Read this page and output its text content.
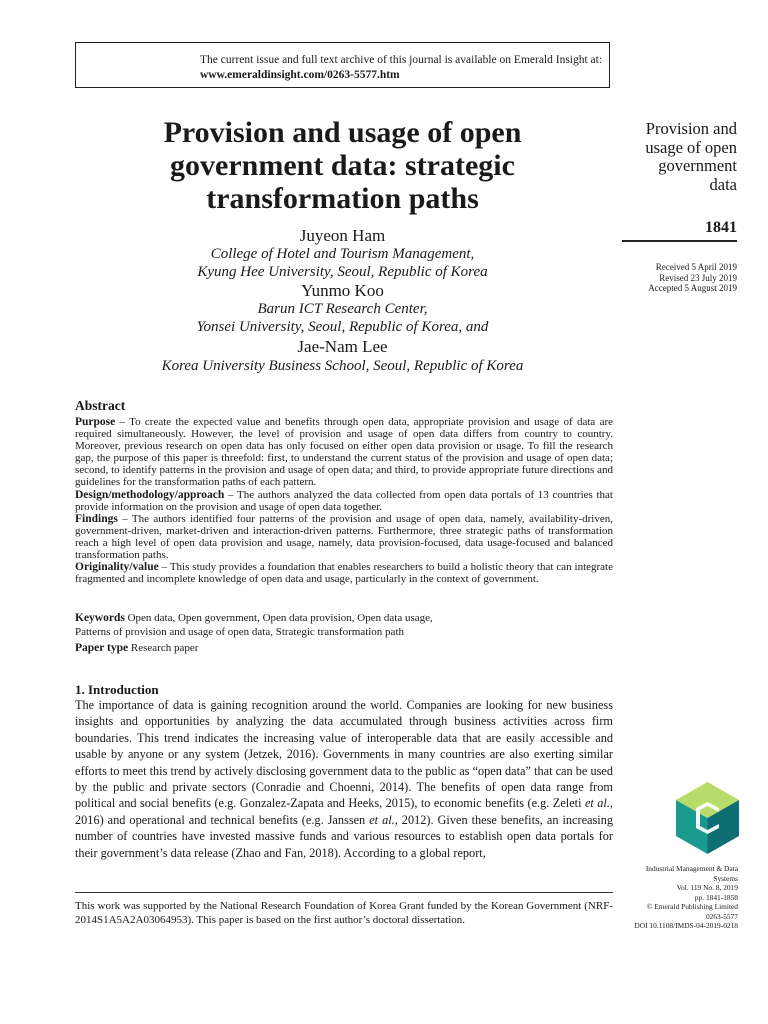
The current issue and full text archive of this journal is available on Emerald Insight at:
www.emeraldinsight.com/0263-5577.htm
Provision and usage of open
government data: strategic
transformation paths
Juyeon Ham
College of Hotel and Tourism Management,
Kyung Hee University, Seoul, Republic of Korea
Yunmo Koo
Barun ICT Research Center,
Yonsei University, Seoul, Republic of Korea, and
Jae-Nam Lee
Korea University Business School, Seoul, Republic of Korea
Provision and
usage of open
government
data
1841
Received 5 April 2019
Revised 23 July 2019
Accepted 5 August 2019
Abstract

Purpose – To create the expected value and benefits through open data, appropriate provision and usage of data are required simultaneously. However, the level of provision and usage of open data differs from country to country. Moreover, previous research on open data has only focused on either open data provision or usage. To fill the research gap, the purpose of this paper is threefold: first, to understand the current status of the provision and usage of open data; second, to identify patterns in the provision and usage of open data; and third, to provide appropriate future directions and guidelines for the transformation paths of each pattern.

Design/methodology/approach – The authors analyzed the data collected from open data portals of 13 countries that provide information on the provision and usage of open data together.

Findings – The authors identified four patterns of the provision and usage of open data, namely, availability-driven, government-driven, market-driven and interaction-driven patterns. Furthermore, three strategic paths of transformation reach a high level of open data provision and usage, namely, data provision-focused, data usage-focused and balanced transformation paths.

Originality/value – This study provides a foundation that enables researchers to build a holistic theory that can integrate fragmented and incomplete knowledge of open data and usage, particularly in the context of government.

Keywords Open data, Open government, Open data provision, Open data usage,
Patterns of provision and usage of open data, Strategic transformation path
Paper type Research paper
1. Introduction
The importance of data is gaining recognition around the world. Companies are looking for new business insights and opportunities by analyzing the data accumulated through business activities across firm boundaries. This trend indicates the increasing value of interoperable data that are easily accessible and usable by anyone or any system (Jetzek, 2016). Governments in many countries are also exerting similar efforts to meet this trend by actively disclosing government data to the public as “open data” that can be used by the public and private sectors (Conradie and Choenni, 2014). The benefits of open data range from political and social benefits (e.g. Gonzalez-Zapata and Heeks, 2015), to economic benefits (e.g. Zeleti et al., 2016) and operational and technical benefits (e.g. Janssen et al., 2012). Given these benefits, an increasing number of countries have invested massive funds and various resources to establish open data portals for their government’s data release (Zhao and Fan, 2018). According to a global report,
This work was supported by the National Research Foundation of Korea Grant funded by the Korean Government (NRF-2014S1A5A2A03064953). This paper is based on the first author’s doctoral dissertation.
Industrial Management & Data
Systems
Vol. 119 No. 8, 2019
pp. 1841-1858
© Emerald Publishing Limited
0263-5577
DOI 10.1108/IMDS-04-2019-0218
